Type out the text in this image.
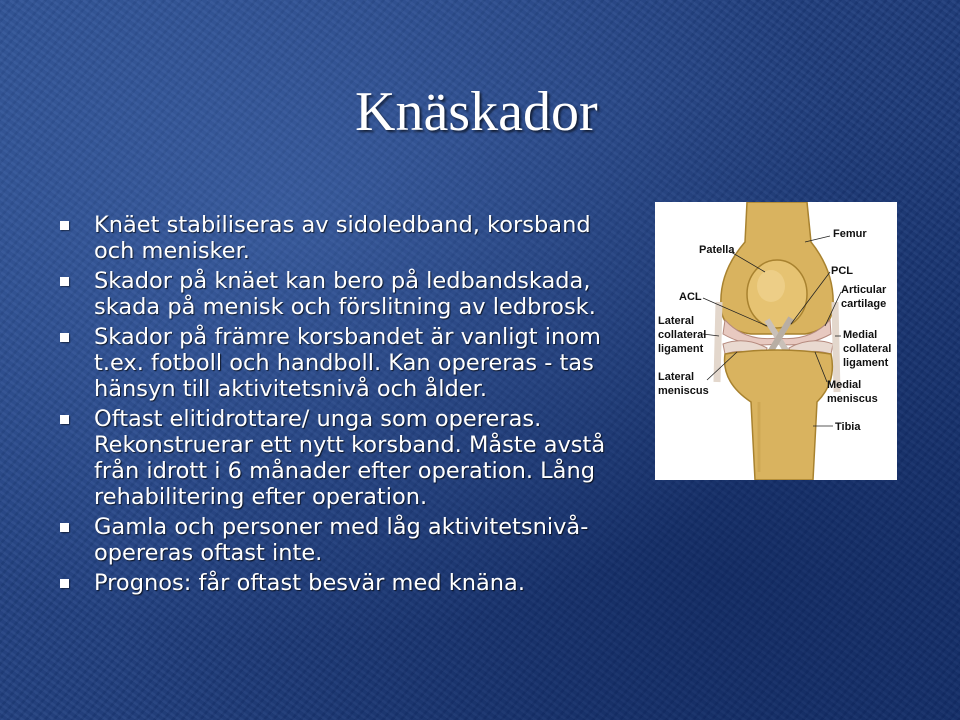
Knäskador
Knäet stabiliseras av sidoledband, korsband och menisker.
Skador på knäet kan bero på ledbandskada, skada på menisk och förslitning av ledbrosk.
Skador på främre korsbandet är vanligt inom t.ex. fotboll och handboll. Kan opereras - tas hänsyn till aktivitetsnivå och ålder.
Oftast elitidrottare/ unga som opereras. Rekonstruerar ett nytt korsband. Måste avstå från idrott i 6 månader efter operation. Lång rehabilitering efter operation.
Gamla och personer med låg aktivitetsnivå- opereras oftast inte.
Prognos: får oftast besvär med knäna.
Patella
Femur
ACL
PCL
Articular
cartilage
Lateral
collateral
ligament
Medial
collateral
ligament
Lateral
meniscus	Medial
meniscus
Tibia
